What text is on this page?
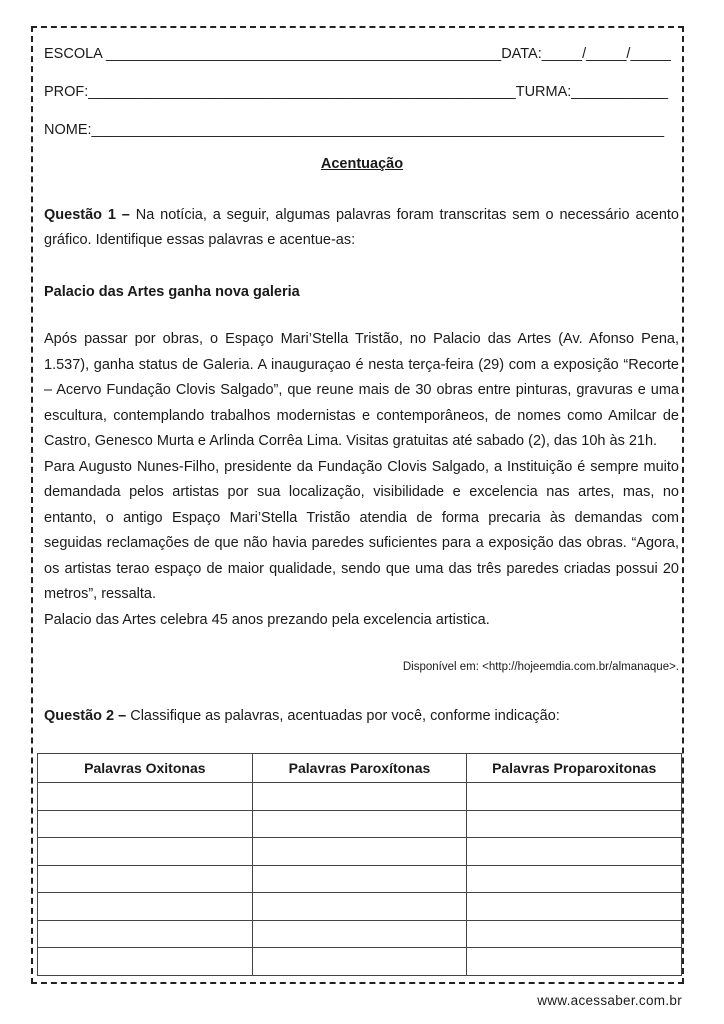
ESCOLA _________________________________________________DATA:_____/_____/_____
PROF:_____________________________________________________TURMA:____________
NOME:_______________________________________________________________________
Acentuação
Questão 1 – Na notícia, a seguir, algumas palavras foram transcritas sem o necessário acento
gráfico. Identifique essas palavras e acentue-as:
Palacio das Artes ganha nova galeria
Após passar por obras, o Espaço Mari’Stella Tristão, no Palacio das Artes (Av. Afonso Pena,
1.537), ganha status de Galeria. A inauguraçao é nesta terça-feira (29) com a exposição “Recorte
– Acervo Fundação Clovis Salgado”, que reune mais de 30 obras entre pinturas, gravuras e uma
escultura, contemplando trabalhos modernistas e contemporâneos, de nomes como Amilcar de
Castro, Genesco Murta e Arlinda Corrêa Lima. Visitas gratuitas até sabado (2), das 10h às 21h.
Para Augusto Nunes-Filho, presidente da Fundação Clovis Salgado, a Instituição é sempre muito
demandada pelos artistas por sua localização, visibilidade e excelencia nas artes, mas, no
entanto, o antigo Espaço Mari’Stella Tristão atendia de forma precaria às demandas com
seguidas reclamações de que não havia paredes suficientes para a exposição das obras. “Agora,
os artistas terao espaço de maior qualidade, sendo que uma das três paredes criadas possui 20
metros”, ressalta.
Palacio das Artes celebra 45 anos prezando pela excelencia artistica.
Disponível em: <http://hojeemdia.com.br/almanaque>.
Questão 2 – Classifique as palavras, acentuadas por você, conforme indicação:
Palavras Oxitonas	Palavras Paroxítonas	Palavras Proparoxitonas

www.acessaber.com.br
